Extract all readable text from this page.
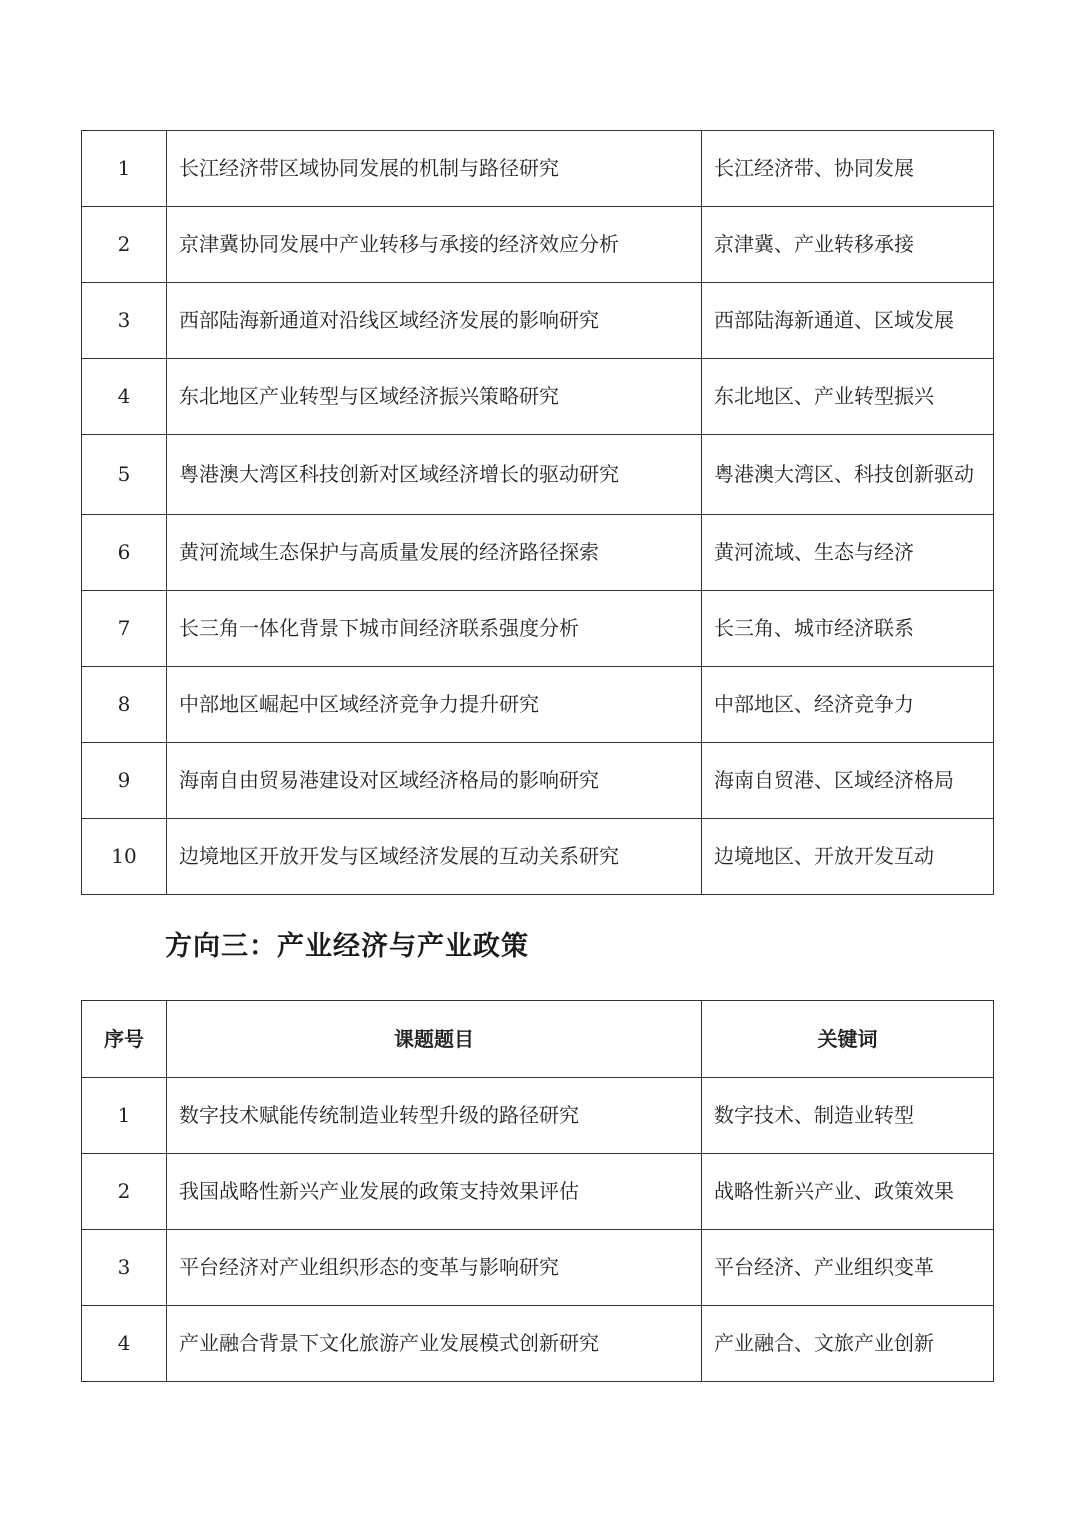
1	长江经济带区域协同发展的机制与路径研究	长江经济带、协同发展
2	京津冀协同发展中产业转移与承接的经济效应分析	京津冀、产业转移承接
3	西部陆海新通道对沿线区域经济发展的影响研究	西部陆海新通道、区域发展
4	东北地区产业转型与区域经济振兴策略研究	东北地区、产业转型振兴
5	粤港澳大湾区科技创新对区域经济增长的驱动研究	粤港澳大湾区、科技创新驱动
6	黄河流域生态保护与高质量发展的经济路径探索	黄河流域、生态与经济
7	长三角一体化背景下城市间经济联系强度分析	长三角、城市经济联系
8	中部地区崛起中区域经济竞争力提升研究	中部地区、经济竞争力
9	海南自由贸易港建设对区域经济格局的影响研究	海南自贸港、区域经济格局
10	边境地区开放开发与区域经济发展的互动关系研究	边境地区、开放开发互动
方向三：产业经济与产业政策
序号	课题题目	关键词
1	数字技术赋能传统制造业转型升级的路径研究	数字技术、制造业转型
2	我国战略性新兴产业发展的政策支持效果评估	战略性新兴产业、政策效果
3	平台经济对产业组织形态的变革与影响研究	平台经济、产业组织变革
4	产业融合背景下文化旅游产业发展模式创新研究	产业融合、文旅产业创新
